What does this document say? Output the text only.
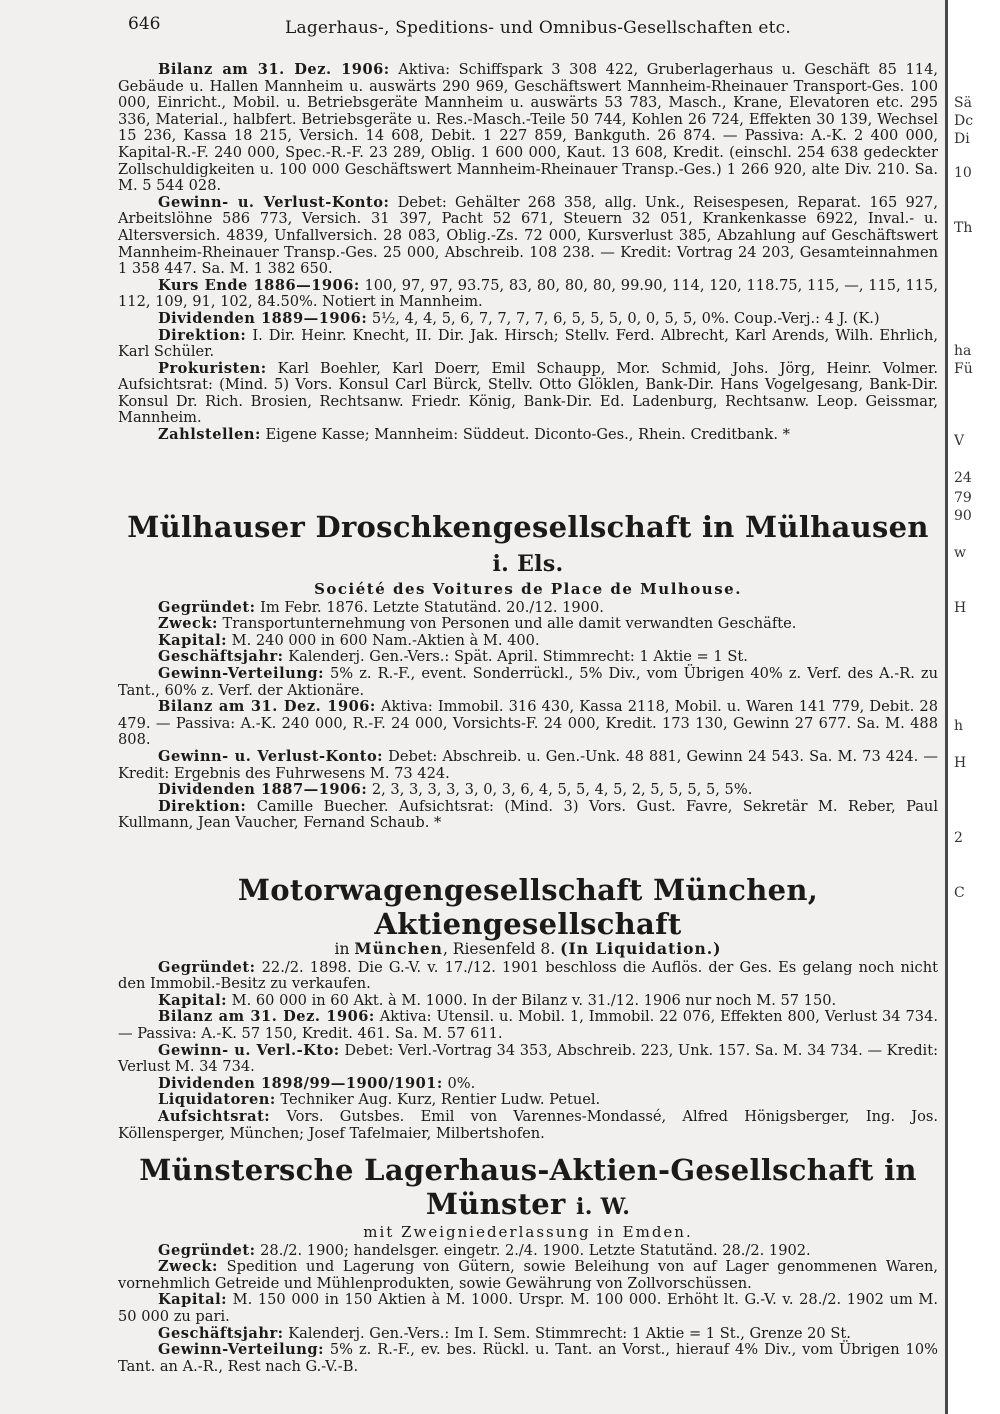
Sä
Dc
Di
10
Th
ha
Fü
V
24
79
90
w
H
h
H
2
C
646	Lagerhaus-, Speditions- und Omnibus-Gesellschaften etc.

Bilanz am 31. Dez. 1906: Aktiva: Schiffspark 3 308 422, Gruberlagerhaus u. Geschäft 85 114, Gebäude u. Hallen Mannheim u. auswärts 290 969, Geschäftswert Mannheim-Rheinauer Transport-Ges. 100 000, Einricht., Mobil. u. Betriebsgeräte Mannheim u. auswärts 53 783, Masch., Krane, Elevatoren etc. 295 336, Material., halbfert. Betriebsgeräte u. Res.-Masch.-Teile 50 744, Kohlen 26 724, Effekten 30 139, Wechsel 15 236, Kassa 18 215, Versich. 14 608, Debit. 1 227 859, Bankguth. 26 874. — Passiva: A.-K. 2 400 000, Kapital-R.-F. 240 000, Spec.-R.-F. 23 289, Oblig. 1 600 000, Kaut. 13 608, Kredit. (einschl. 254 638 gedeckter Zollschuldigkeiten u. 100 000 Geschäftswert Mannheim-Rheinauer Transp.-Ges.) 1 266 920, alte Div. 210. Sa. M. 5 544 028.

Gewinn- u. Verlust-Konto: Debet: Gehälter 268 358, allg. Unk., Reisespesen, Reparat. 165 927, Arbeitslöhne 586 773, Versich. 31 397, Pacht 52 671, Steuern 32 051, Krankenkasse 6922, Inval.- u. Altersversich. 4839, Unfallversich. 28 083, Oblig.-Zs. 72 000, Kursverlust 385, Abzahlung auf Geschäftswert Mannheim-Rheinauer Transp.-Ges. 25 000, Abschreib. 108 238. — Kredit: Vortrag 24 203, Gesamteinnahmen 1 358 447. Sa. M. 1 382 650.

Kurs Ende 1886—1906: 100, 97, 97, 93.75, 83, 80, 80, 80, 99.90, 114, 120, 118.75, 115, —, 115, 115, 112, 109, 91, 102, 84.50%. Notiert in Mannheim.

Dividenden 1889—1906: 5½, 4, 4, 5, 6, 7, 7, 7, 7, 6, 5, 5, 5, 0, 0, 5, 5, 0%. Coup.-Verj.: 4 J. (K.)

Direktion: I. Dir. Heinr. Knecht, II. Dir. Jak. Hirsch; Stellv. Ferd. Albrecht, Karl Arends, Wilh. Ehrlich, Karl Schüler.

Prokuristen: Karl Boehler, Karl Doerr, Emil Schaupp, Mor. Schmid, Johs. Jörg, Heinr. Volmer. Aufsichtsrat: (Mind. 5) Vors. Konsul Carl Bürck, Stellv. Otto Glöklen, Bank-Dir. Hans Vogelgesang, Bank-Dir. Konsul Dr. Rich. Brosien, Rechtsanw. Friedr. König, Bank-Dir. Ed. Ladenburg, Rechtsanw. Leop. Geissmar, Mannheim.

Zahlstellen: Eigene Kasse; Mannheim: Süddeut. Diconto-Ges., Rhein. Creditbank. *

Mülhauser Droschkengesellschaft in Mülhausen i. Els.
Société des Voitures de Place de Mulhouse.

Gegründet: Im Febr. 1876. Letzte Statutänd. 20./12. 1900.

Zweck: Transportunternehmung von Personen und alle damit verwandten Geschäfte.

Kapital: M. 240 000 in 600 Nam.-Aktien à M. 400.

Geschäftsjahr: Kalenderj. Gen.-Vers.: Spät. April. Stimmrecht: 1 Aktie = 1 St.

Gewinn-Verteilung: 5% z. R.-F., event. Sonderrückl., 5% Div., vom Übrigen 40% z. Verf. des A.-R. zu Tant., 60% z. Verf. der Aktionäre.

Bilanz am 31. Dez. 1906: Aktiva: Immobil. 316 430, Kassa 2118, Mobil. u. Waren 141 779, Debit. 28 479. — Passiva: A.-K. 240 000, R.-F. 24 000, Vorsichts-F. 24 000, Kredit. 173 130, Gewinn 27 677. Sa. M. 488 808.

Gewinn- u. Verlust-Konto: Debet: Abschreib. u. Gen.-Unk. 48 881, Gewinn 24 543. Sa. M. 73 424. — Kredit: Ergebnis des Fuhrwesens M. 73 424.

Dividenden 1887—1906: 2, 3, 3, 3, 3, 3, 0, 3, 6, 4, 5, 5, 4, 5, 2, 5, 5, 5, 5, 5%.

Direktion: Camille Buecher. Aufsichtsrat: (Mind. 3) Vors. Gust. Favre, Sekretär M. Reber, Paul Kullmann, Jean Vaucher, Fernand Schaub. *

Motorwagengesellschaft München, Aktiengesellschaft
in München, Riesenfeld 8. (In Liquidation.)

Gegründet: 22./2. 1898. Die G.-V. v. 17./12. 1901 beschloss die Auflös. der Ges. Es gelang noch nicht den Immobil.-Besitz zu verkaufen.

Kapital: M. 60 000 in 60 Akt. à M. 1000. In der Bilanz v. 31./12. 1906 nur noch M. 57 150.

Bilanz am 31. Dez. 1906: Aktiva: Utensil. u. Mobil. 1, Immobil. 22 076, Effekten 800, Verlust 34 734. — Passiva: A.-K. 57 150, Kredit. 461. Sa. M. 57 611.

Gewinn- u. Verl.-Kto: Debet: Verl.-Vortrag 34 353, Abschreib. 223, Unk. 157. Sa. M. 34 734. — Kredit: Verlust M. 34 734.

Dividenden 1898/99—1900/1901: 0%.

Liquidatoren: Techniker Aug. Kurz, Rentier Ludw. Petuel.

Aufsichtsrat: Vors. Gutsbes. Emil von Varennes-Mondassé, Alfred Hönigsberger, Ing. Jos. Köllensperger, München; Josef Tafelmaier, Milbertshofen.

Münstersche Lagerhaus-Aktien-Gesellschaft in Münster i. W.
mit Zweigniederlassung in Emden.

Gegründet: 28./2. 1900; handelsger. eingetr. 2./4. 1900. Letzte Statutänd. 28./2. 1902.

Zweck: Spedition und Lagerung von Gütern, sowie Beleihung von auf Lager genommenen Waren, vornehmlich Getreide und Mühlenprodukten, sowie Gewährung von Zollvorschüssen.

Kapital: M. 150 000 in 150 Aktien à M. 1000. Urspr. M. 100 000. Erhöht lt. G.-V. v. 28./2. 1902 um M. 50 000 zu pari.

Geschäftsjahr: Kalenderj. Gen.-Vers.: Im I. Sem. Stimmrecht: 1 Aktie = 1 St., Grenze 20 St.

Gewinn-Verteilung: 5% z. R.-F., ev. bes. Rückl. u. Tant. an Vorst., hierauf 4% Div., vom Übrigen 10% Tant. an A.-R., Rest nach G.-V.-B.
